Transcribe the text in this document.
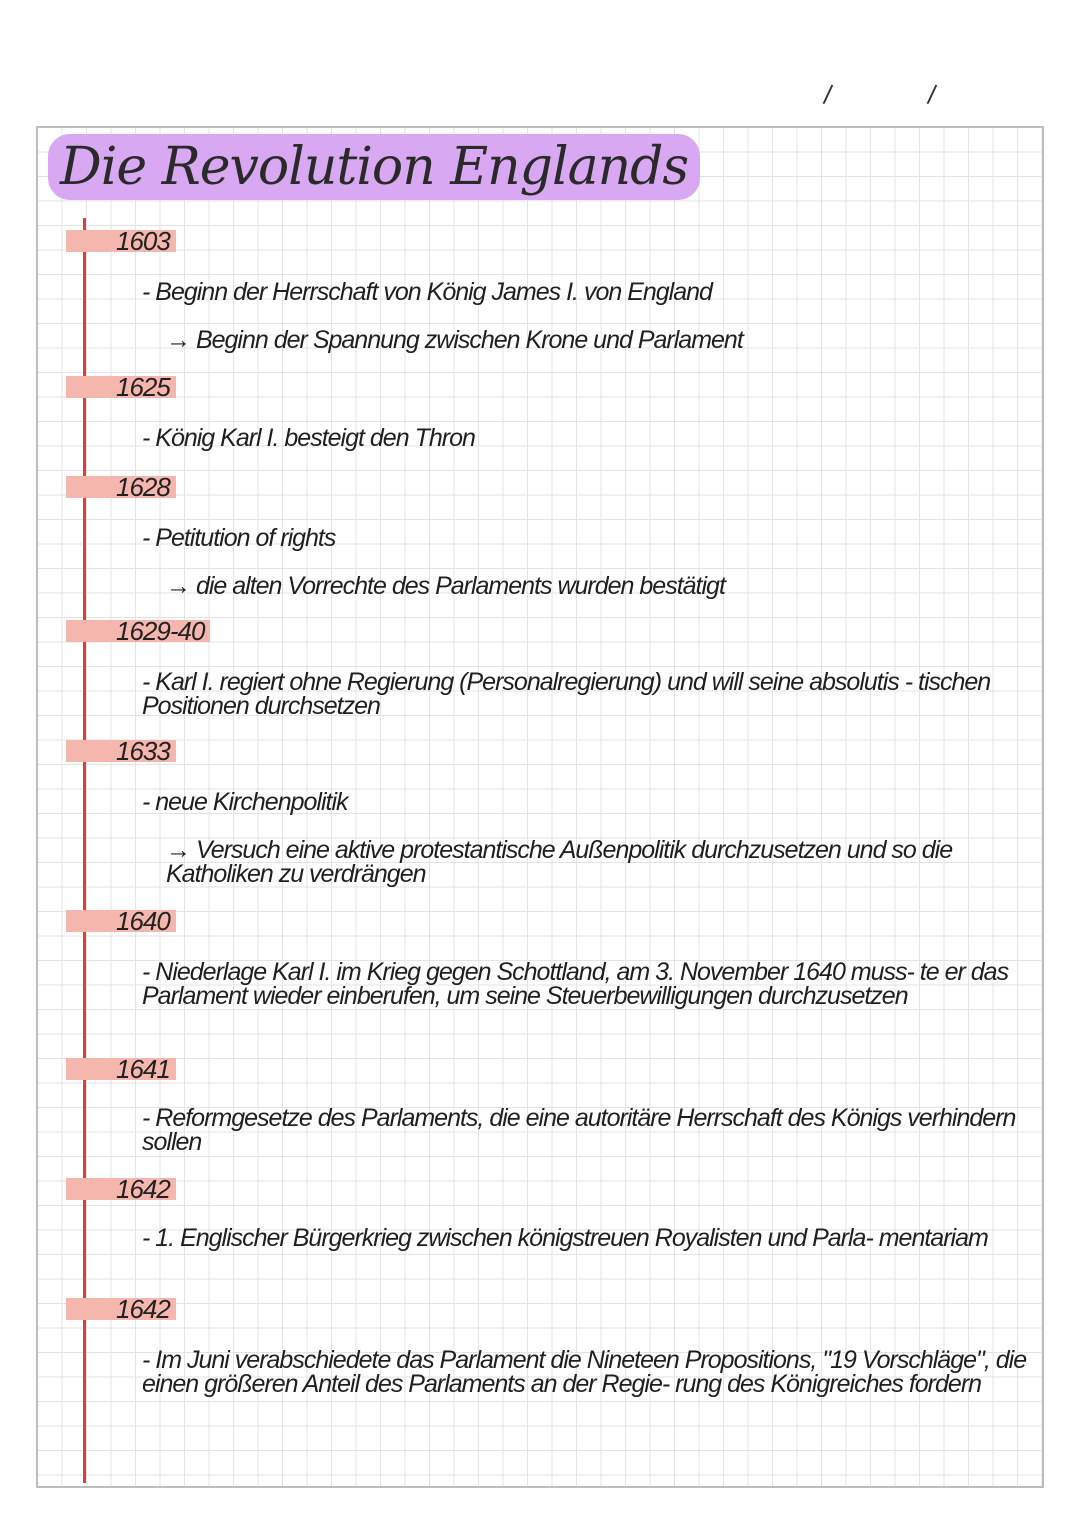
/	/
Die Revolution Englands
1603
- Beginn der Herrschaft von König James I. von England
→ Beginn der Spannung zwischen Krone und Parlament
1625
- König Karl I. besteigt den Thron
1628
- Petitution of rights
→ die alten Vorrechte des Parlaments wurden bestätigt
1629-40
- Karl I. regiert ohne Regierung (Personalregierung) und will seine absolutis - tischen Positionen durchsetzen
1633
- neue Kirchenpolitik
→ Versuch eine aktive protestantische Außenpolitik durchzusetzen und so die Katholiken zu verdrängen
1640
- Niederlage Karl I. im Krieg gegen Schottland, am 3. November 1640 muss- te er das Parlament wieder einberufen, um seine Steuerbewilligungen durchzusetzen
1641
- Reformgesetze des Parlaments, die eine autoritäre Herrschaft des Königs verhindern sollen
1642
- 1. Englischer Bürgerkrieg zwischen königstreuen Royalisten und Parla- mentariam
1642
- Im Juni verabschiedete das Parlament die Nineteen Propositions, "19 Vorschläge", die einen größeren Anteil des Parlaments an der Regie- rung des Königreiches fordern
